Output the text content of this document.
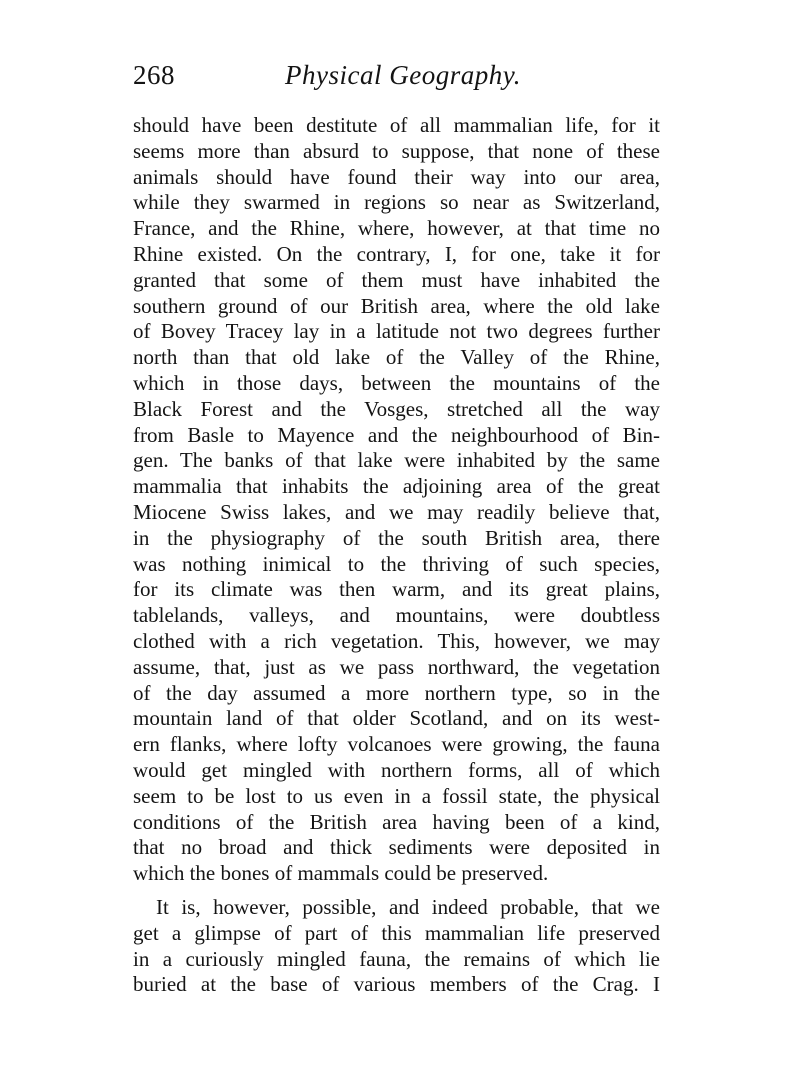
268	Physical Geography.
should have been destitute of all mammalian life, for it
seems more than absurd to suppose, that none of these
animals should have found their way into our area,
while they swarmed in regions so near as Switzerland,
France, and the Rhine, where, however, at that time no
Rhine existed. On the contrary, I, for one, take it for
granted that some of them must have inhabited the
southern ground of our British area, where the old lake
of Bovey Tracey lay in a latitude not two degrees further
north than that old lake of the Valley of the Rhine,
which in those days, between the mountains of the
Black Forest and the Vosges, stretched all the way
from Basle to Mayence and the neighbourhood of Bin-
gen. The banks of that lake were inhabited by the same
mammalia that inhabits the adjoining area of the great
Miocene Swiss lakes, and we may readily believe that,
in the physiography of the south British area, there
was nothing inimical to the thriving of such species,
for its climate was then warm, and its great plains,
tablelands, valleys, and mountains, were doubtless
clothed with a rich vegetation. This, however, we may
assume, that, just as we pass northward, the vegetation
of the day assumed a more northern type, so in the
mountain land of that older Scotland, and on its west-
ern flanks, where lofty volcanoes were growing, the fauna
would get mingled with northern forms, all of which
seem to be lost to us even in a fossil state, the physical
conditions of the British area having been of a kind,
that no broad and thick sediments were deposited in
which the bones of mammals could be preserved.
It is, however, possible, and indeed probable, that we
get a glimpse of part of this mammalian life preserved
in a curiously mingled fauna, the remains of which lie
buried at the base of various members of the Crag. I
